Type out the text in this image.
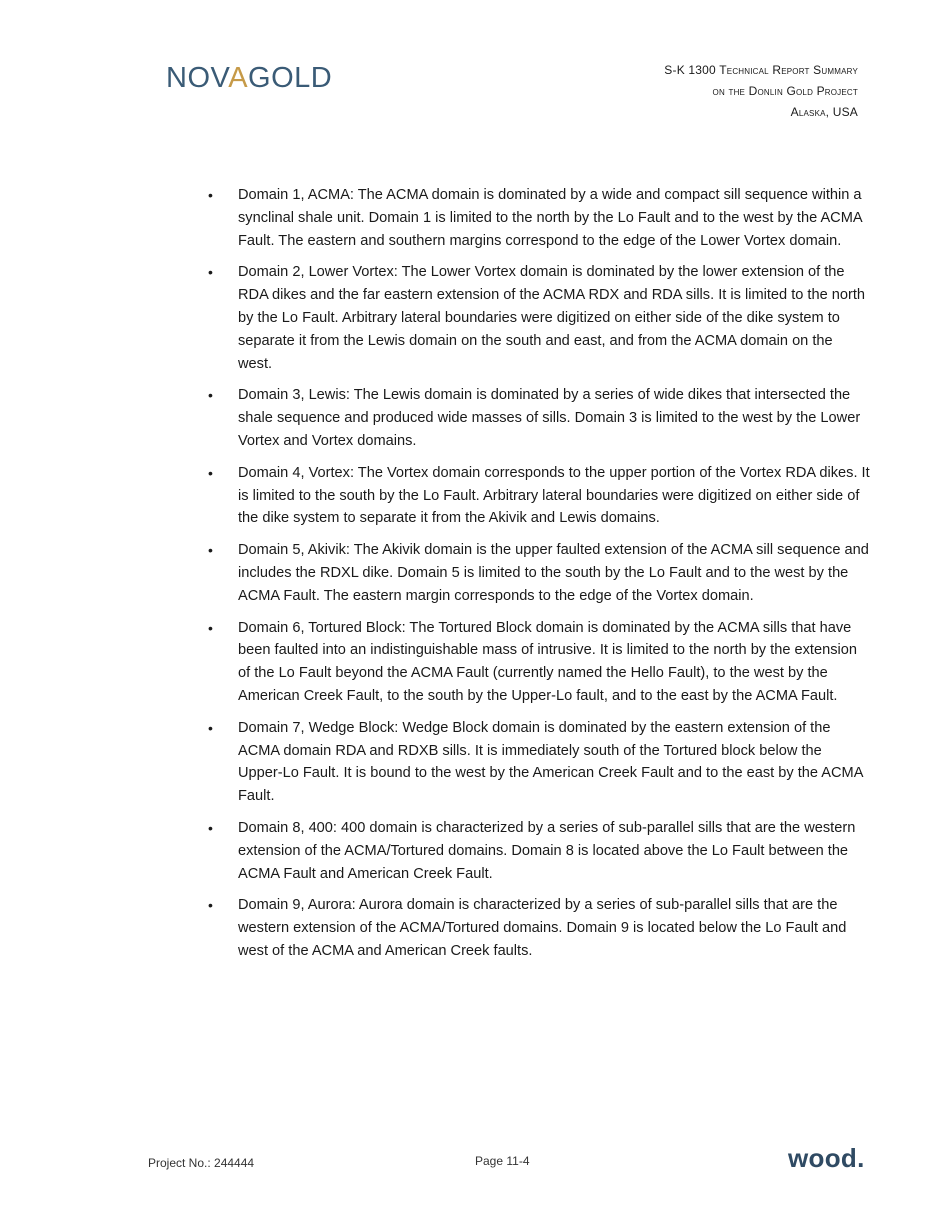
NOVAGOLD	S-K 1300 Technical Report Summary
on the Donlin Gold Project
Alaska, USA
• Domain 1, ACMA: The ACMA domain is dominated by a wide and compact sill sequence within a synclinal shale unit. Domain 1 is limited to the north by the Lo Fault and to the west by the ACMA Fault. The eastern and southern margins correspond to the edge of the Lower Vortex domain.
• Domain 2, Lower Vortex: The Lower Vortex domain is dominated by the lower extension of the RDA dikes and the far eastern extension of the ACMA RDX and RDA sills. It is limited to the north by the Lo Fault. Arbitrary lateral boundaries were digitized on either side of the dike system to separate it from the Lewis domain on the south and east, and from the ACMA domain on the west.
• Domain 3, Lewis: The Lewis domain is dominated by a series of wide dikes that intersected the shale sequence and produced wide masses of sills. Domain 3 is limited to the west by the Lower Vortex and Vortex domains.
• Domain 4, Vortex: The Vortex domain corresponds to the upper portion of the Vortex RDA dikes. It is limited to the south by the Lo Fault. Arbitrary lateral boundaries were digitized on either side of the dike system to separate it from the Akivik and Lewis domains.
• Domain 5, Akivik: The Akivik domain is the upper faulted extension of the ACMA sill sequence and includes the RDXL dike. Domain 5 is limited to the south by the Lo Fault and to the west by the ACMA Fault. The eastern margin corresponds to the edge of the Vortex domain.
• Domain 6, Tortured Block: The Tortured Block domain is dominated by the ACMA sills that have been faulted into an indistinguishable mass of intrusive. It is limited to the north by the extension of the Lo Fault beyond the ACMA Fault (currently named the Hello Fault), to the west by the American Creek Fault, to the south by the Upper-Lo fault, and to the east by the ACMA Fault.
• Domain 7, Wedge Block: Wedge Block domain is dominated by the eastern extension of the ACMA domain RDA and RDXB sills. It is immediately south of the Tortured block below the Upper-Lo Fault. It is bound to the west by the American Creek Fault and to the east by the ACMA Fault.
• Domain 8, 400: 400 domain is characterized by a series of sub-parallel sills that are the western extension of the ACMA/Tortured domains. Domain 8 is located above the Lo Fault between the ACMA Fault and American Creek Fault.
• Domain 9, Aurora: Aurora domain is characterized by a series of sub-parallel sills that are the western extension of the ACMA/Tortured domains. Domain 9 is located below the Lo Fault and west of the ACMA and American Creek faults.
Project No.: 244444	Page 11-4	wood.
